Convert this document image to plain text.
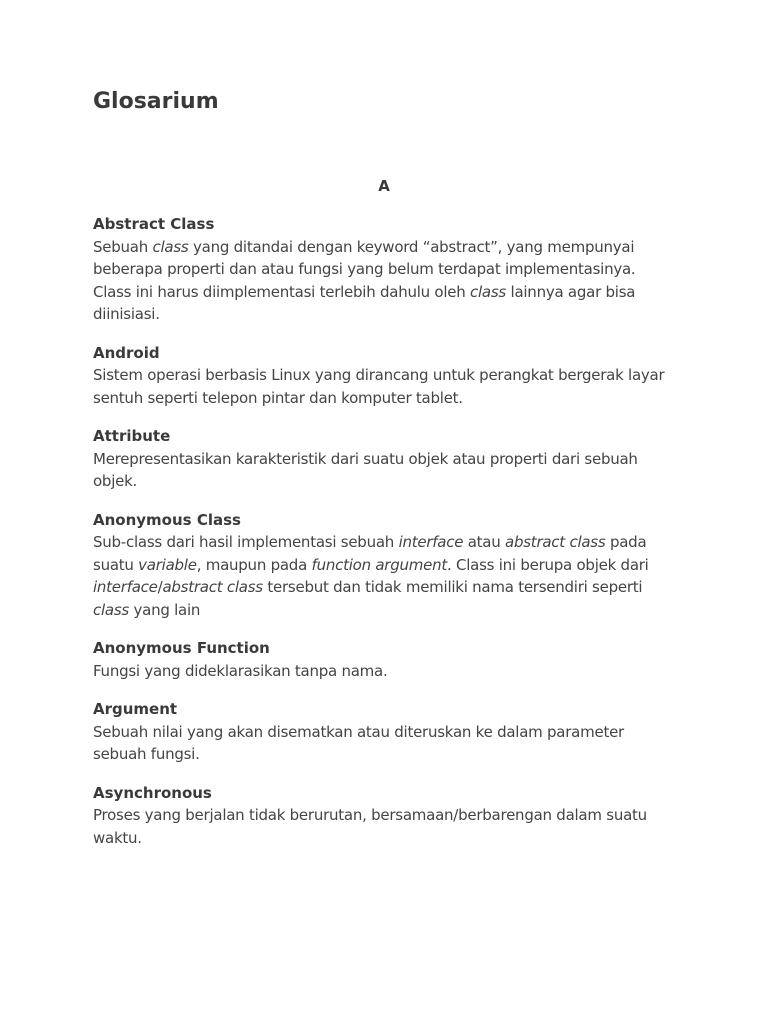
Glosarium
A
Abstract Class

Sebuah class yang ditandai dengan keyword “abstract”, yang mempunyai beberapa properti dan atau fungsi yang belum terdapat implementasinya. Class ini harus diimplementasi terlebih dahulu oleh class lainnya agar bisa diinisiasi.

Android

Sistem operasi berbasis Linux yang dirancang untuk perangkat bergerak layar sentuh seperti telepon pintar dan komputer tablet.

Attribute

Merepresentasikan karakteristik dari suatu objek atau properti dari sebuah objek.

Anonymous Class

Sub-class dari hasil implementasi sebuah interface atau abstract class pada suatu variable, maupun pada function argument. Class ini berupa objek dari interface/abstract class tersebut dan tidak memiliki nama tersendiri seperti class yang lain

Anonymous Function

Fungsi yang dideklarasikan tanpa nama.

Argument

Sebuah nilai yang akan disematkan atau diteruskan ke dalam parameter sebuah fungsi.

Asynchronous

Proses yang berjalan tidak berurutan, bersamaan/berbarengan dalam suatu waktu.
